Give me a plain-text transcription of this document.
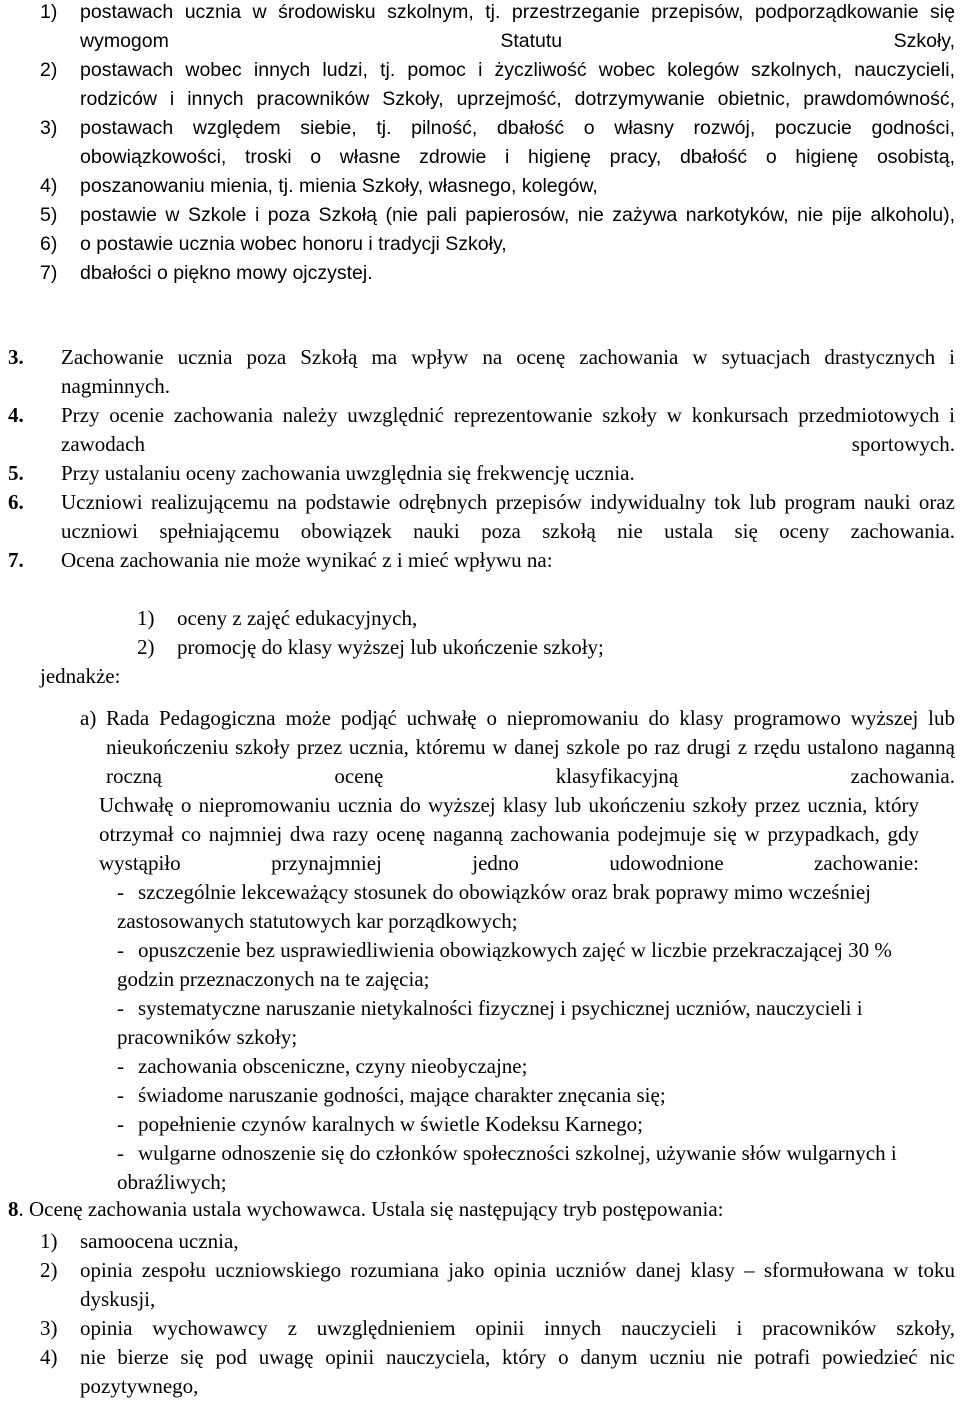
1) postawach ucznia w środowisku szkolnym, tj. przestrzeganie przepisów, podporządkowanie się wymogom Statutu Szkoły,
2) postawach wobec innych ludzi, tj. pomoc i życzliwość wobec kolegów szkolnych, nauczycieli, rodziców i innych pracowników Szkoły, uprzejmość, dotrzymywanie obietnic, prawdomówność,
3) postawach względem siebie, tj. pilność, dbałość o własny rozwój, poczucie godności, obowiązkowości, troski o własne zdrowie i higienę pracy, dbałość o higienę osobistą,
4) poszanowaniu mienia, tj. mienia Szkoły, własnego, kolegów,
5) postawie w Szkole i poza Szkołą (nie pali papierosów, nie zażywa narkotyków, nie pije alkoholu),
6) o postawie ucznia wobec honoru i tradycji Szkoły,
7) dbałości o piękno mowy ojczystej.
3. Zachowanie ucznia poza Szkołą ma wpływ na ocenę zachowania w sytuacjach drastycznych i nagminnych.
4. Przy ocenie zachowania należy uwzględnić reprezentowanie szkoły w konkursach przedmiotowych i zawodach sportowych.
5. Przy ustalaniu oceny zachowania uwzględnia się frekwencję ucznia.
6. Uczniowi realizującemu na podstawie odrębnych przepisów indywidualny tok lub program nauki oraz uczniowi spełniającemu obowiązek nauki poza szkołą nie ustala się oceny zachowania.
7. Ocena zachowania nie może wynikać z i mieć wpływu na:
1) oceny z zajęć edukacyjnych,
2) promocję do klasy wyższej lub ukończenie szkoły;
jednakże:
a) Rada Pedagogiczna może podjąć uchwałę o niepromowaniu do klasy programowo wyższej lub nieukończeniu szkoły przez ucznia, któremu w danej szkole po raz drugi z rzędu ustalono naganną roczną ocenę klasyfikacyjną zachowania.
Uchwałę o niepromowaniu ucznia do wyższej klasy lub ukończeniu szkoły przez ucznia, który otrzymał co najmniej dwa razy ocenę naganną zachowania podejmuje się w przypadkach, gdy wystąpiło przynajmniej jedno udowodnione zachowanie:
- szczególnie lekceważący stosunek do obowiązków oraz brak poprawy mimo wcześniej zastosowanych statutowych kar porządkowych;
- opuszczenie bez usprawiedliwienia obowiązkowych zajęć w liczbie przekraczającej 30 % godzin przeznaczonych na te zajęcia;
- systematyczne naruszanie nietykalności fizycznej i psychicznej uczniów, nauczycieli i pracowników szkoły;
- zachowania obsceniczne, czyny nieobyczajne;
- świadome naruszanie godności, mające charakter znęcania się;
- popełnienie czynów karalnych w świetle Kodeksu Karnego;
- wulgarne odnoszenie się do członków społeczności szkolnej, używanie słów wulgarnych i obraźliwych;
8. Ocenę zachowania ustala wychowawca. Ustala się następujący tryb postępowania:
1) samoocena ucznia,
2) opinia zespołu uczniowskiego rozumiana jako opinia uczniów danej klasy – sformułowana w toku dyskusji,
3) opinia wychowawcy z uwzględnieniem opinii innych nauczycieli i pracowników szkoły,
4) nie bierze się pod uwagę opinii nauczyciela, który o danym uczniu nie potrafi powiedzieć nic pozytywnego,
